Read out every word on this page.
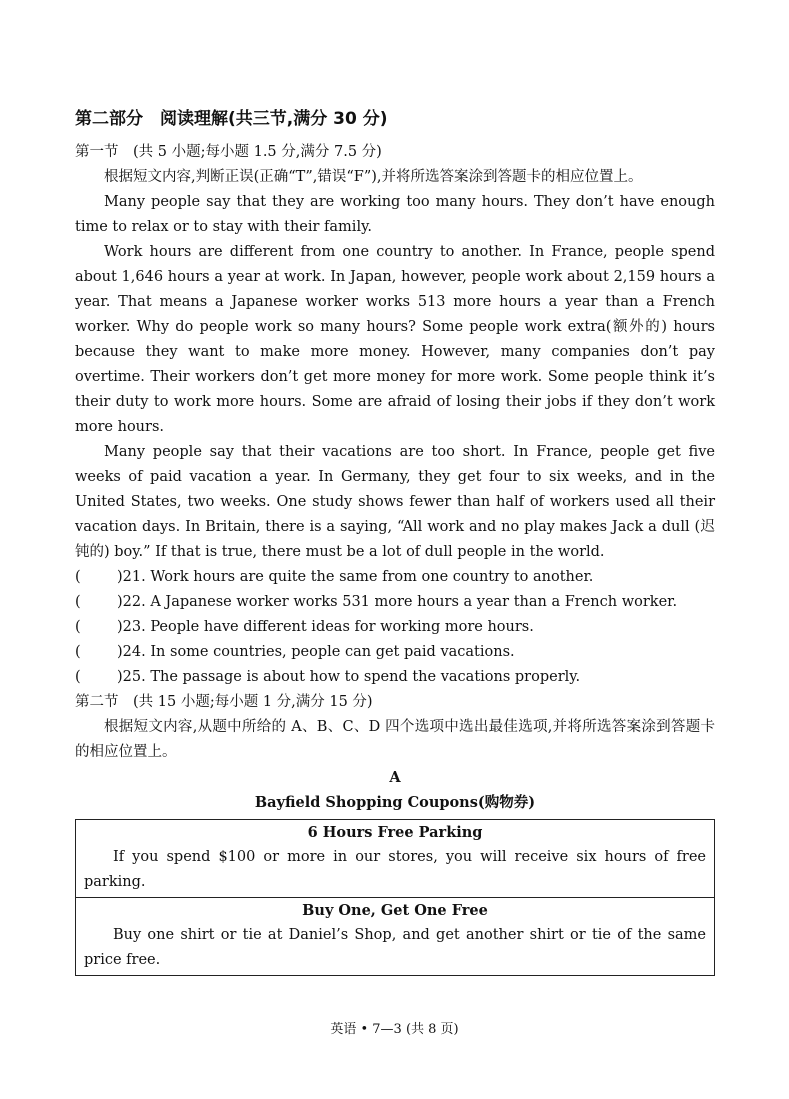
第二部分　阅读理解(共三节,满分 30 分)
第一节　(共 5 小题;每小题 1.5 分,满分 7.5 分)

根据短文内容,判断正误(正确“T”,错误“F”),并将所选答案涂到答题卡的相应位置上。

Many people say that they are working too many hours. They don’t have enough time to relax or to stay with their family.

Work hours are different from one country to another. In France, people spend about 1,646 hours a year at work. In Japan, however, people work about 2,159 hours a year. That means a Japanese worker works 513 more hours a year than a French worker. Why do people work so many hours? Some people work extra(额外的) hours because they want to make more money. However, many companies don’t pay overtime. Their workers don’t get more money for more work. Some people think it’s their duty to work more hours. Some are afraid of losing their jobs if they don’t work more hours.

Many people say that their vacations are too short. In France, people get five weeks of paid vacation a year. In Germany, they get four to six weeks, and in the United States, two weeks. One study shows fewer than half of workers used all their vacation days. In Britain, there is a saying, “All work and no play makes Jack a dull (迟钝的) boy.” If that is true, there must be a lot of dull people in the world.

(	)21. Work hours are quite the same from one country to another.
(	)22. A Japanese worker works 531 more hours a year than a French worker.
(	)23. People have different ideas for working more hours.
(	)24. In some countries, people can get paid vacations.
(	)25. The passage is about how to spend the vacations properly.
第二节　(共 15 小题;每小题 1 分,满分 15 分)

根据短文内容,从题中所给的 A、B、C、D 四个选项中选出最佳选项,并将所选答案涂到答题卡的相应位置上。

A
Bayfield Shopping Coupons(购物券)
6 Hours Free Parking

If you spend $100 or more in our stores, you will receive six hours of free parking.

Buy One, Get One Free

Buy one shirt or tie at Daniel’s Shop, and get another shirt or tie of the same price free.

英语 • 7—3 (共 8 页)
